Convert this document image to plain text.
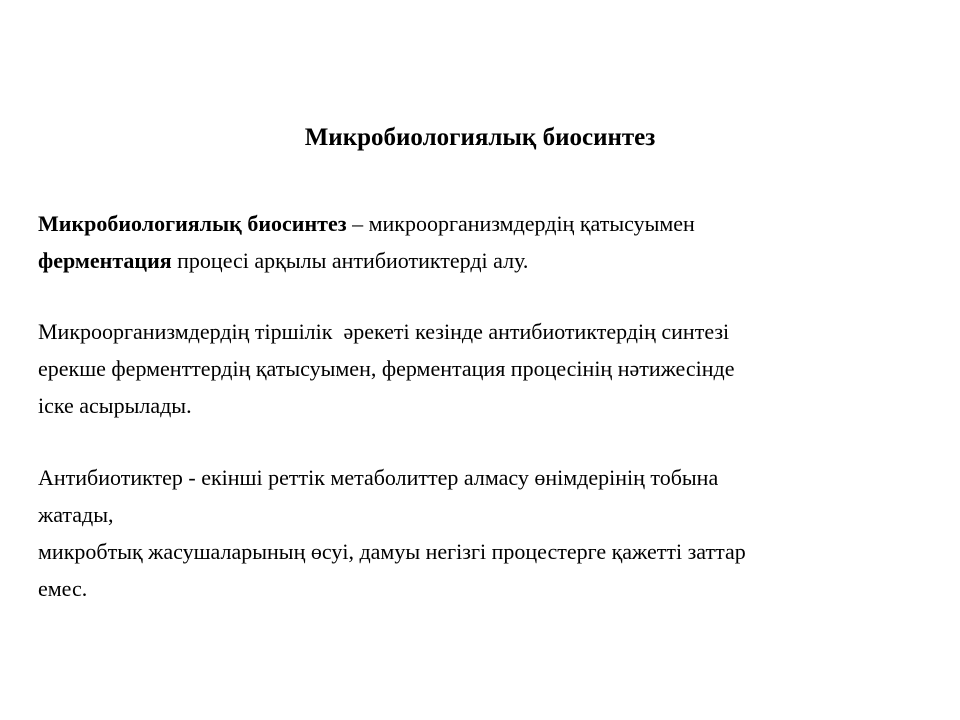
Микробиологиялық биосинтез
Микробиологиялық биосинтез – микроорганизмдердің қатысуымен
ферментация процесі арқылы антибиотиктерді алу.
Микроорганизмдердің тіршілік  әрекеті кезінде антибиотиктердің синтезі
ерекше ферменттердің қатысуымен, ферментация процесінің нәтижесінде
іске асырылады.
Антибиотиктер - екінші реттік метаболиттер алмасу өнімдерінің тобына
жатады,
микробтық жасушаларының өсуі, дамуы негізгі процестерге қажетті заттар
емес.
